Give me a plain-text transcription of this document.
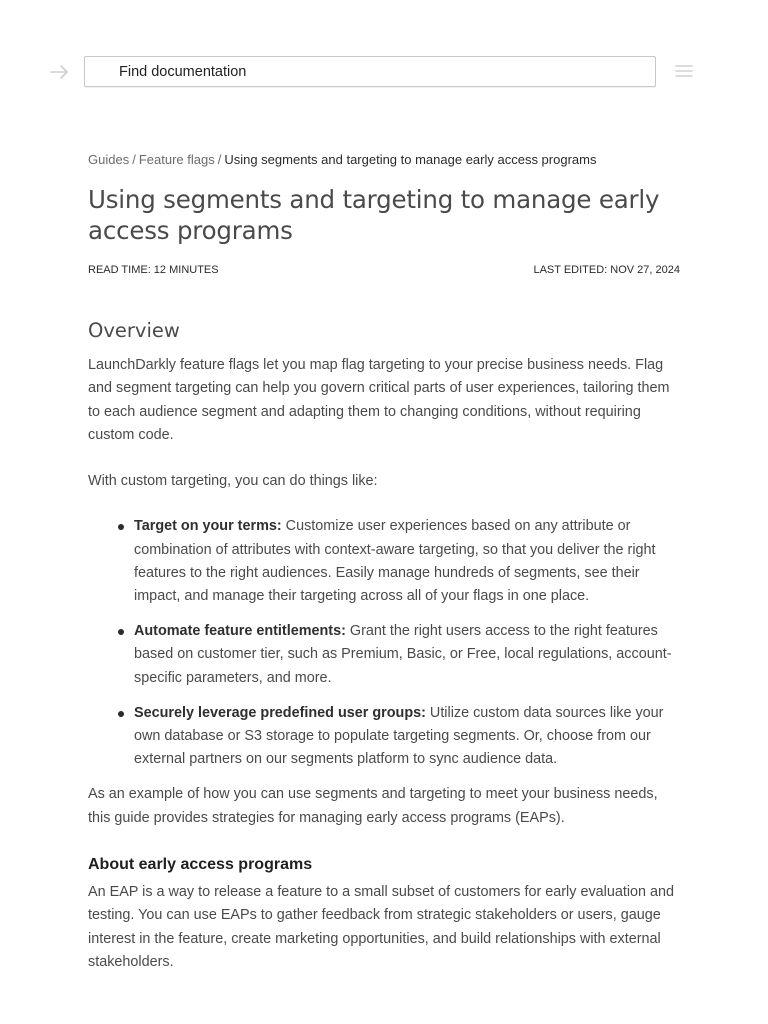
Find documentation
Guides / Feature flags / Using segments and targeting to manage early access programs
Using segments and targeting to manage early access programs
READ TIME: 12 MINUTES	LAST EDITED: NOV 27, 2024
Overview

LaunchDarkly feature flags let you map flag targeting to your precise business needs. Flag and segment targeting can help you govern critical parts of user experiences, tailoring them to each audience segment and adapting them to changing conditions, without requiring custom code.

With custom targeting, you can do things like:

Target on your terms: Customize user experiences based on any attribute or combination of attributes with context-aware targeting, so that you deliver the right features to the right audiences. Easily manage hundreds of segments, see their impact, and manage their targeting across all of your flags in one place.
Automate feature entitlements: Grant the right users access to the right features based on customer tier, such as Premium, Basic, or Free, local regulations, account-specific parameters, and more.
Securely leverage predefined user groups: Utilize custom data sources like your own database or S3 storage to populate targeting segments. Or, choose from our external partners on our segments platform to sync audience data.

As an example of how you can use segments and targeting to meet your business needs, this guide provides strategies for managing early access programs (EAPs).

About early access programs

An EAP is a way to release a feature to a small subset of customers for early evaluation and testing. You can use EAPs to gather feedback from strategic stakeholders or users, gauge interest in the feature, create marketing opportunities, and build relationships with external stakeholders.
